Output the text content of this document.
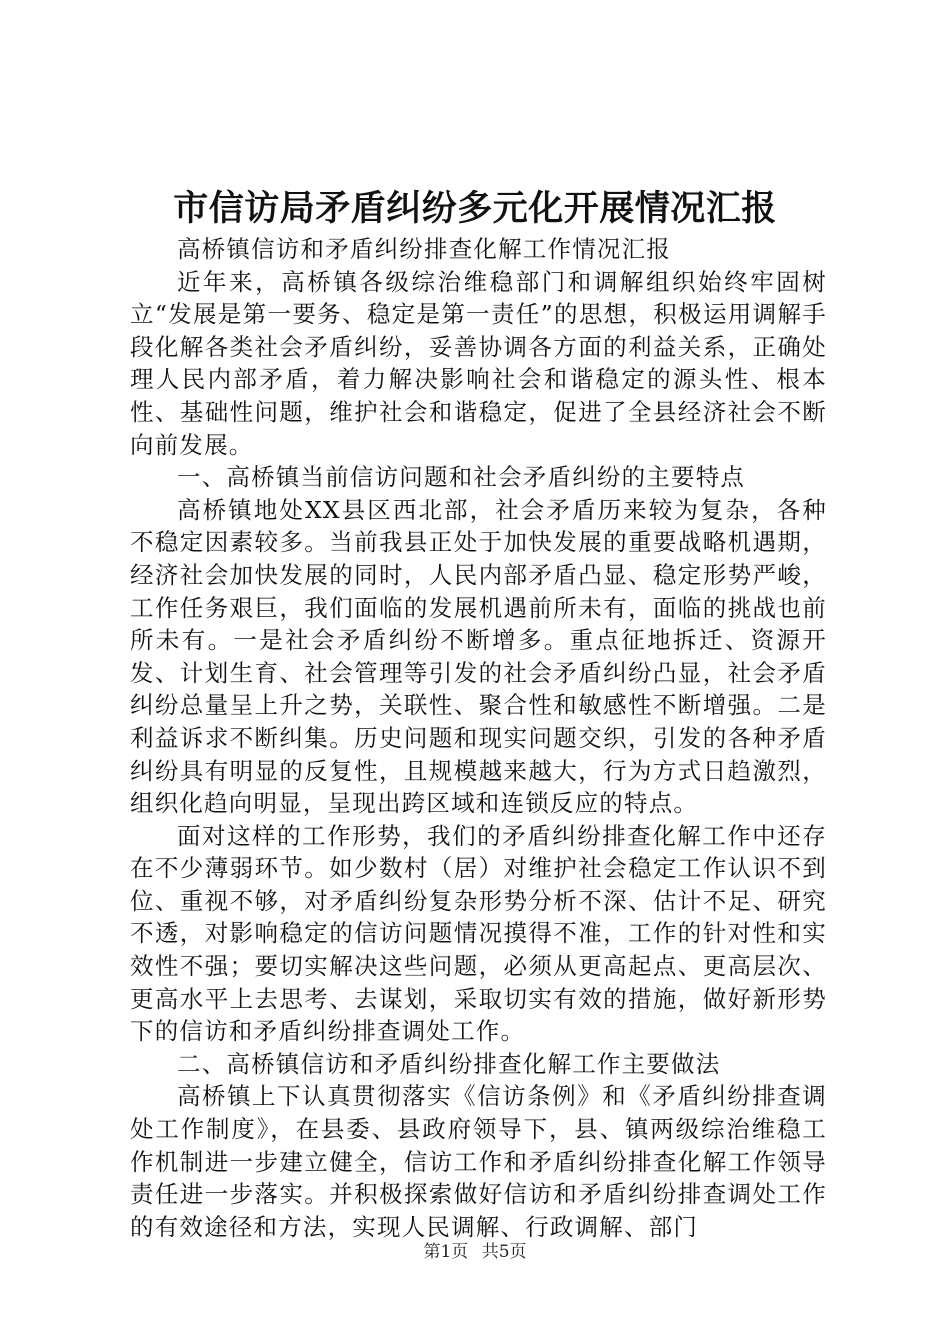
市信访局矛盾纠纷多元化开展情况汇报

高桥镇信访和矛盾纠纷排查化解工作情况汇报

近年来，高桥镇各级综治维稳部门和调解组织始终牢固树立“发展是第一要务、稳定是第一责任”的思想，积极运用调解手段化解各类社会矛盾纠纷，妥善协调各方面的利益关系，正确处理人民内部矛盾，着力解决影响社会和谐稳定的源头性、根本性、基础性问题，维护社会和谐稳定，促进了全县经济社会不断向前发展。

一、高桥镇当前信访问题和社会矛盾纠纷的主要特点

高桥镇地处XX县区西北部，社会矛盾历来较为复杂，各种不稳定因素较多。当前我县正处于加快发展的重要战略机遇期，经济社会加快发展的同时，人民内部矛盾凸显、稳定形势严峻，工作任务艰巨，我们面临的发展机遇前所未有，面临的挑战也前所未有。一是社会矛盾纠纷不断增多。重点征地拆迁、资源开发、计划生育、社会管理等引发的社会矛盾纠纷凸显，社会矛盾纠纷总量呈上升之势，关联性、聚合性和敏感性不断增强。二是利益诉求不断纠集。历史问题和现实问题交织，引发的各种矛盾纠纷具有明显的反复性，且规模越来越大，行为方式日趋激烈，组织化趋向明显，呈现出跨区域和连锁反应的特点。

面对这样的工作形势，我们的矛盾纠纷排查化解工作中还存在不少薄弱环节。如少数村（居）对维护社会稳定工作认识不到位、重视不够，对矛盾纠纷复杂形势分析不深、估计不足、研究不透，对影响稳定的信访问题情况摸得不准，工作的针对性和实效性不强；要切实解决这些问题，必须从更高起点、更高层次、更高水平上去思考、去谋划，采取切实有效的措施，做好新形势下的信访和矛盾纠纷排查调处工作。

二、高桥镇信访和矛盾纠纷排查化解工作主要做法

高桥镇上下认真贯彻落实《信访条例》和《矛盾纠纷排查调处工作制度》，在县委、县政府领导下，县、镇两级综治维稳工作机制进一步建立健全，信访工作和矛盾纠纷排查化解工作领导责任进一步落实。并积极探索做好信访和矛盾纠纷排查调处工作的有效途径和方法，实现人民调解、行政调解、部门

第1页 共5页
